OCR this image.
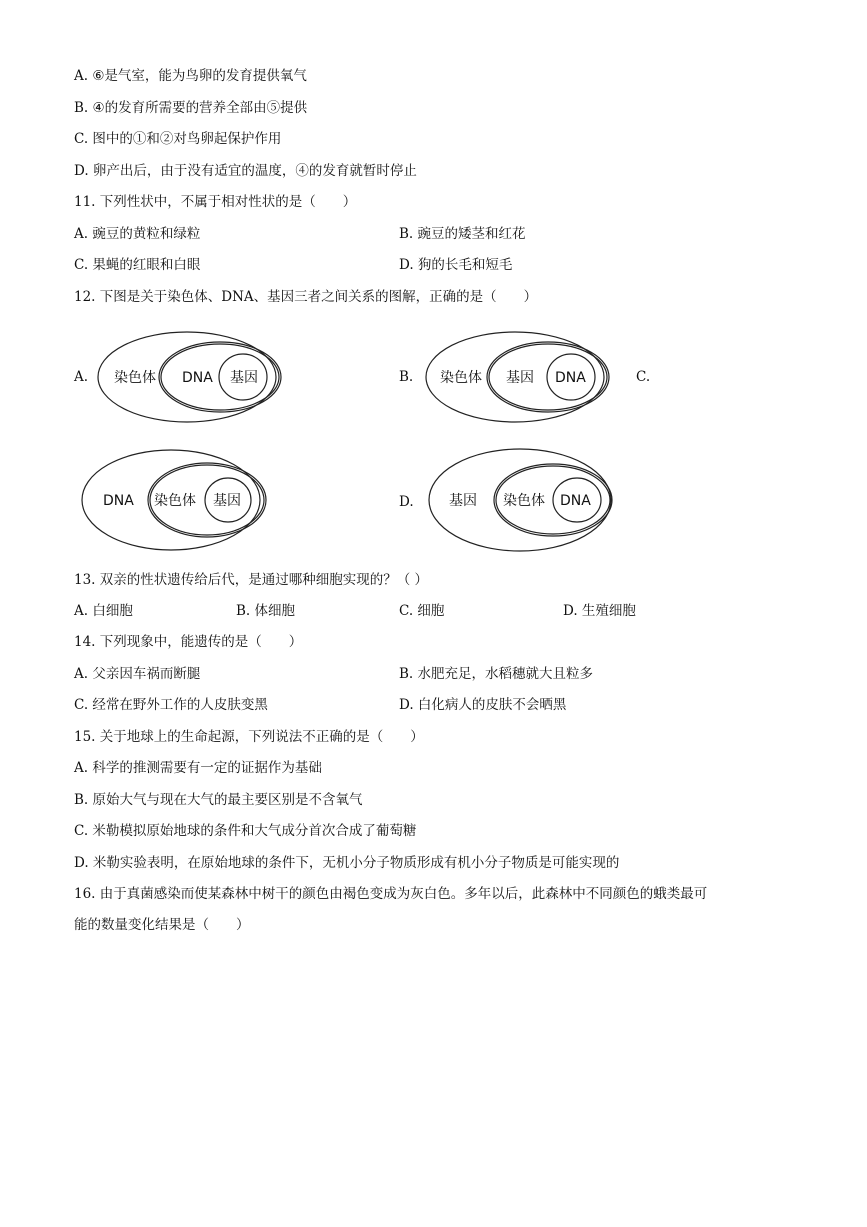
A. ⑥是气室，能为鸟卵的发育提供氧气
B. ④的发育所需要的营养全部由⑤提供
C. 图中的①和②对鸟卵起保护作用
D. 卵产出后，由于没有适宜的温度，④的发育就暂时停止
11. 下列性状中，不属于相对性状的是（　　）
A. 豌豆的黄粒和绿粒	B. 豌豆的矮茎和红花
C. 果蝇的红眼和白眼	D. 狗的长毛和短毛
12. 下图是关于染色体、DNA、基因三者之间关系的图解，正确的是（　　）
A. 染色体 DNA 基因	B. 染色体 基因 DNA	C.
DNA 染色体 基因	D.	基因 染色体 DNA
13. 双亲的性状遗传给后代，是通过哪种细胞实现的？（ ）
A. 白细胞	B. 体细胞	C. 细胞	D. 生殖细胞
14. 下列现象中，能遗传的是（　　）
A. 父亲因车祸而断腿	B. 水肥充足，水稻穗就大且粒多
C. 经常在野外工作的人皮肤变黑	D. 白化病人的皮肤不会晒黑
15. 关于地球上的生命起源，下列说法不正确的是（　　）
A. 科学的推测需要有一定的证据作为基础
B. 原始大气与现在大气的最主要区别是不含氧气
C. 米勒模拟原始地球的条件和大气成分首次合成了葡萄糖
D. 米勒实验表明，在原始地球的条件下，无机小分子物质形成有机小分子物质是可能实现的
16. 由于真菌感染而使某森林中树干的颜色由褐色变成为灰白色。多年以后，此森林中不同颜色的蛾类最可
能的数量变化结果是（　　）
